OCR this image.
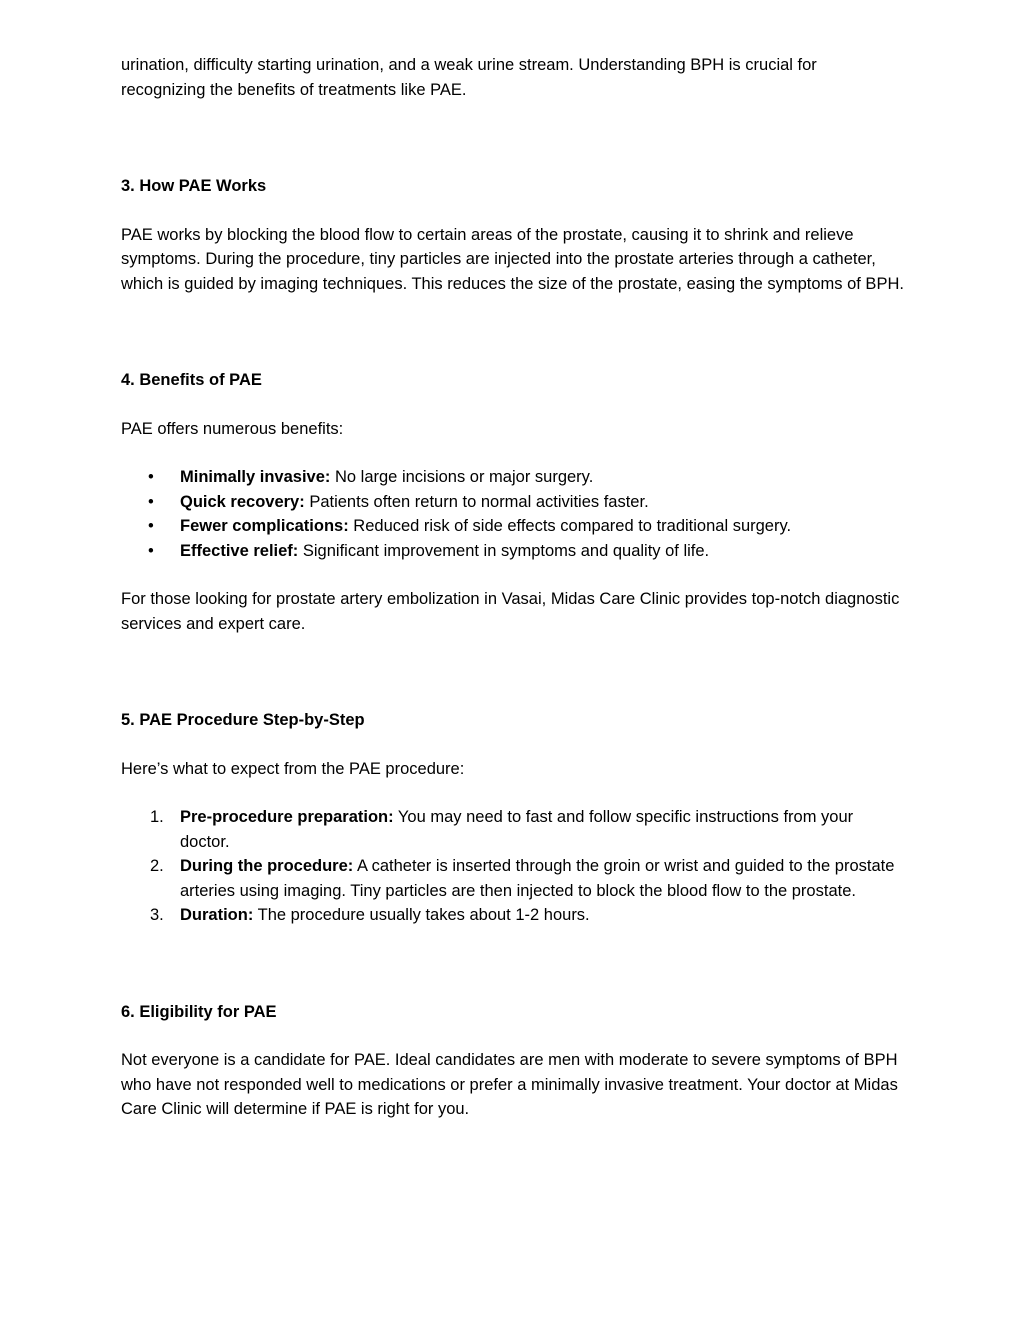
urination, difficulty starting urination, and a weak urine stream. Understanding BPH is crucial for recognizing the benefits of treatments like PAE.

3. How PAE Works

PAE works by blocking the blood flow to certain areas of the prostate, causing it to shrink and relieve symptoms. During the procedure, tiny particles are injected into the prostate arteries through a catheter, which is guided by imaging techniques. This reduces the size of the prostate, easing the symptoms of BPH.

4. Benefits of PAE

PAE offers numerous benefits:

• Minimally invasive: No large incisions or major surgery.
• Quick recovery: Patients often return to normal activities faster.
• Fewer complications: Reduced risk of side effects compared to traditional surgery.
• Effective relief: Significant improvement in symptoms and quality of life.

For those looking for prostate artery embolization in Vasai, Midas Care Clinic provides top-notch diagnostic services and expert care.

5. PAE Procedure Step-by-Step

Here’s what to expect from the PAE procedure:

1. Pre-procedure preparation: You may need to fast and follow specific instructions from your doctor.
2. During the procedure: A catheter is inserted through the groin or wrist and guided to the prostate arteries using imaging. Tiny particles are then injected to block the blood flow to the prostate.
3. Duration: The procedure usually takes about 1-2 hours.
6. Eligibility for PAE

Not everyone is a candidate for PAE. Ideal candidates are men with moderate to severe symptoms of BPH who have not responded well to medications or prefer a minimally invasive treatment. Your doctor at Midas Care Clinic will determine if PAE is right for you.
